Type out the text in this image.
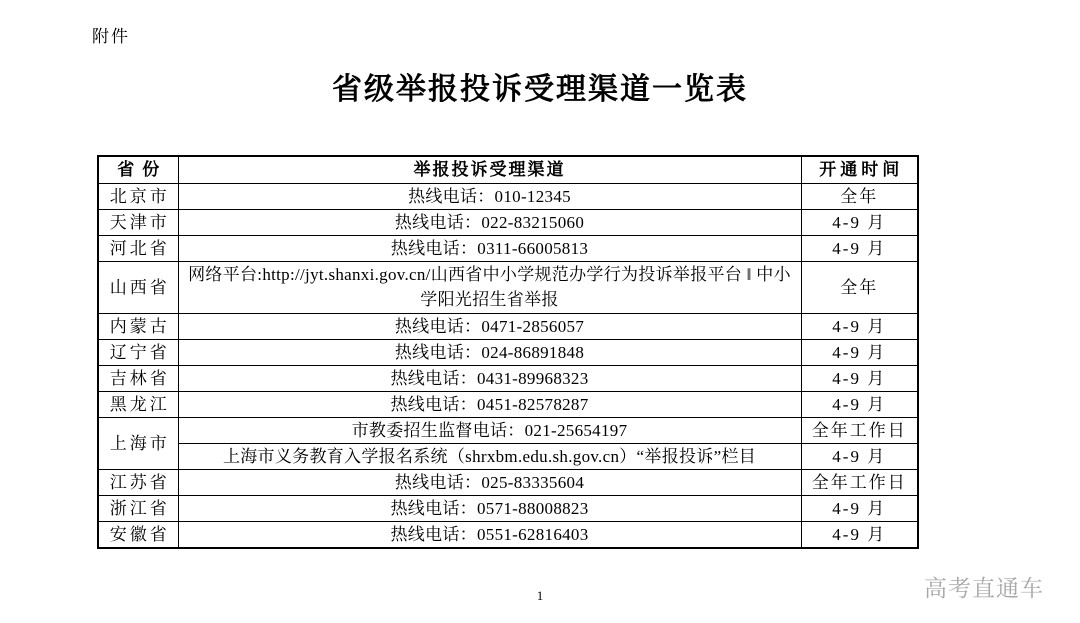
附件
省级举报投诉受理渠道一览表
省份	举报投诉受理渠道	开通时间
北京市	热线电话：010-12345	全年
天津市	热线电话：022-83215060	4-9 月
河北省	热线电话：0311-66005813	4-9 月
山西省	网络平台:http://jyt.shanxi.gov.cn/山西省中小学规范办学行为投诉举报平台 ‖ 中小学阳光招生省举报	全年
内蒙古	热线电话：0471-2856057	4-9 月
辽宁省	热线电话：024-86891848	4-9 月
吉林省	热线电话：0431-89968323	4-9 月
黑龙江	热线电话：0451-82578287	4-9 月
上海市	市教委招生监督电话：021-25654197	全年工作日
	上海市义务教育入学报名系统（shrxbm.edu.sh.gov.cn）“举报投诉”栏目	4-9 月
江苏省	热线电话：025-83335604	全年工作日
浙江省	热线电话：0571-88008823	4-9 月
安徽省	热线电话：0551-62816403	4-9 月
1	高考直通车
